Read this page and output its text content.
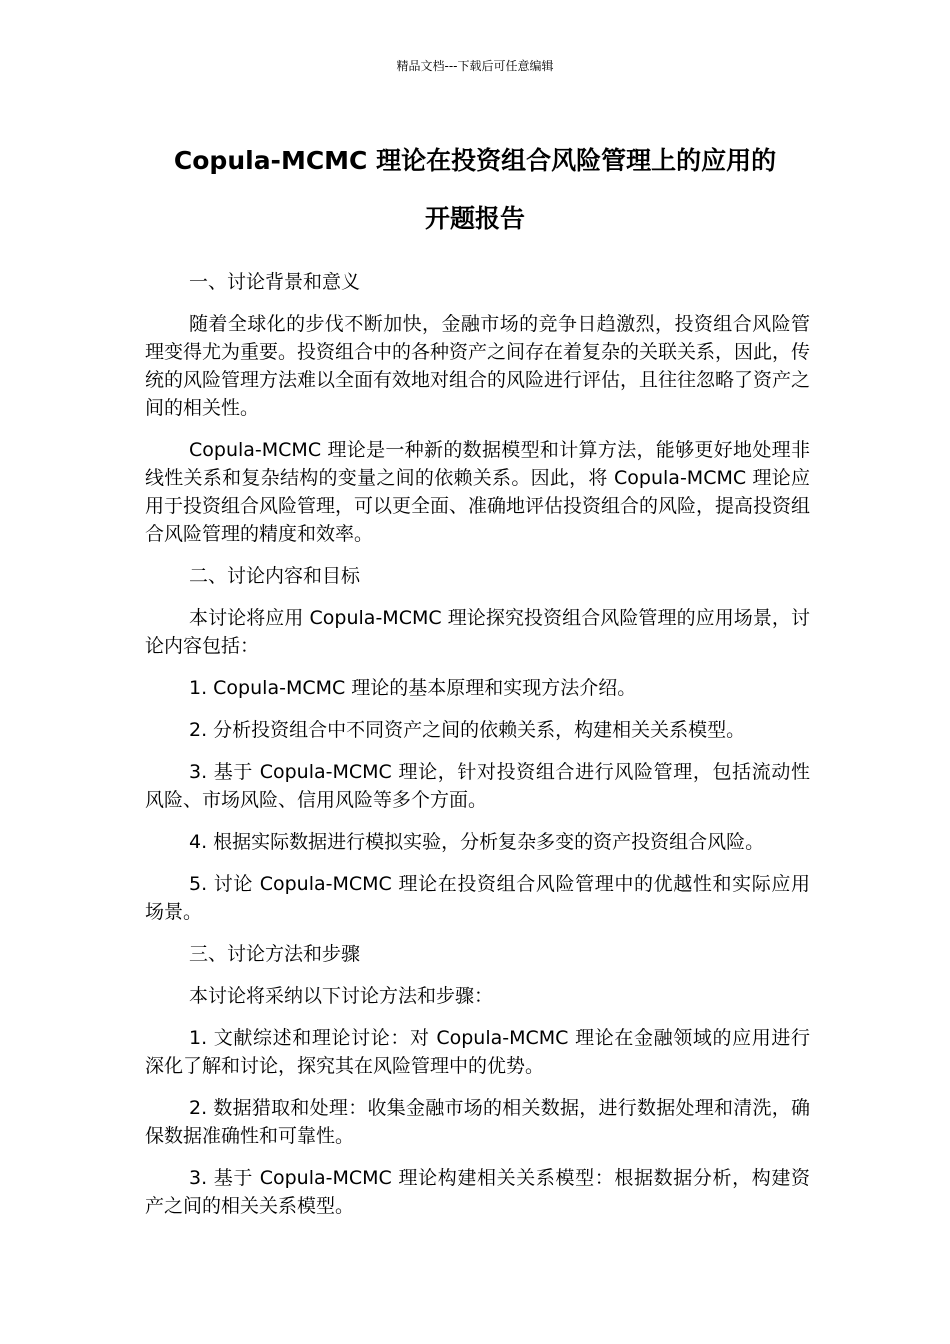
精品文档---下载后可任意编辑
Copula-MCMC 理论在投资组合风险管理上的应用的
开题报告

一、讨论背景和意义

随着全球化的步伐不断加快，金融市场的竞争日趋激烈，投资组合风险管理变得尤为重要。投资组合中的各种资产之间存在着复杂的关联关系，因此，传统的风险管理方法难以全面有效地对组合的风险进行评估，且往往忽略了资产之间的相关性。

Copula-MCMC 理论是一种新的数据模型和计算方法，能够更好地处理非线性关系和复杂结构的变量之间的依赖关系。因此，将 Copula-MCMC 理论应用于投资组合风险管理，可以更全面、准确地评估投资组合的风险，提高投资组合风险管理的精度和效率。

二、讨论内容和目标

本讨论将应用 Copula-MCMC 理论探究投资组合风险管理的应用场景，讨论内容包括：

1. Copula-MCMC 理论的基本原理和实现方法介绍。

2. 分析投资组合中不同资产之间的依赖关系，构建相关关系模型。

3. 基于 Copula-MCMC 理论，针对投资组合进行风险管理，包括流动性风险、市场风险、信用风险等多个方面。

4. 根据实际数据进行模拟实验，分析复杂多变的资产投资组合风险。

5. 讨论 Copula-MCMC 理论在投资组合风险管理中的优越性和实际应用场景。

三、讨论方法和步骤

本讨论将采纳以下讨论方法和步骤：

1. 文献综述和理论讨论：对 Copula-MCMC 理论在金融领域的应用进行深化了解和讨论，探究其在风险管理中的优势。

2. 数据猎取和处理：收集金融市场的相关数据，进行数据处理和清洗，确保数据准确性和可靠性。

3. 基于 Copula-MCMC 理论构建相关关系模型：根据数据分析，构建资产之间的相关关系模型。
